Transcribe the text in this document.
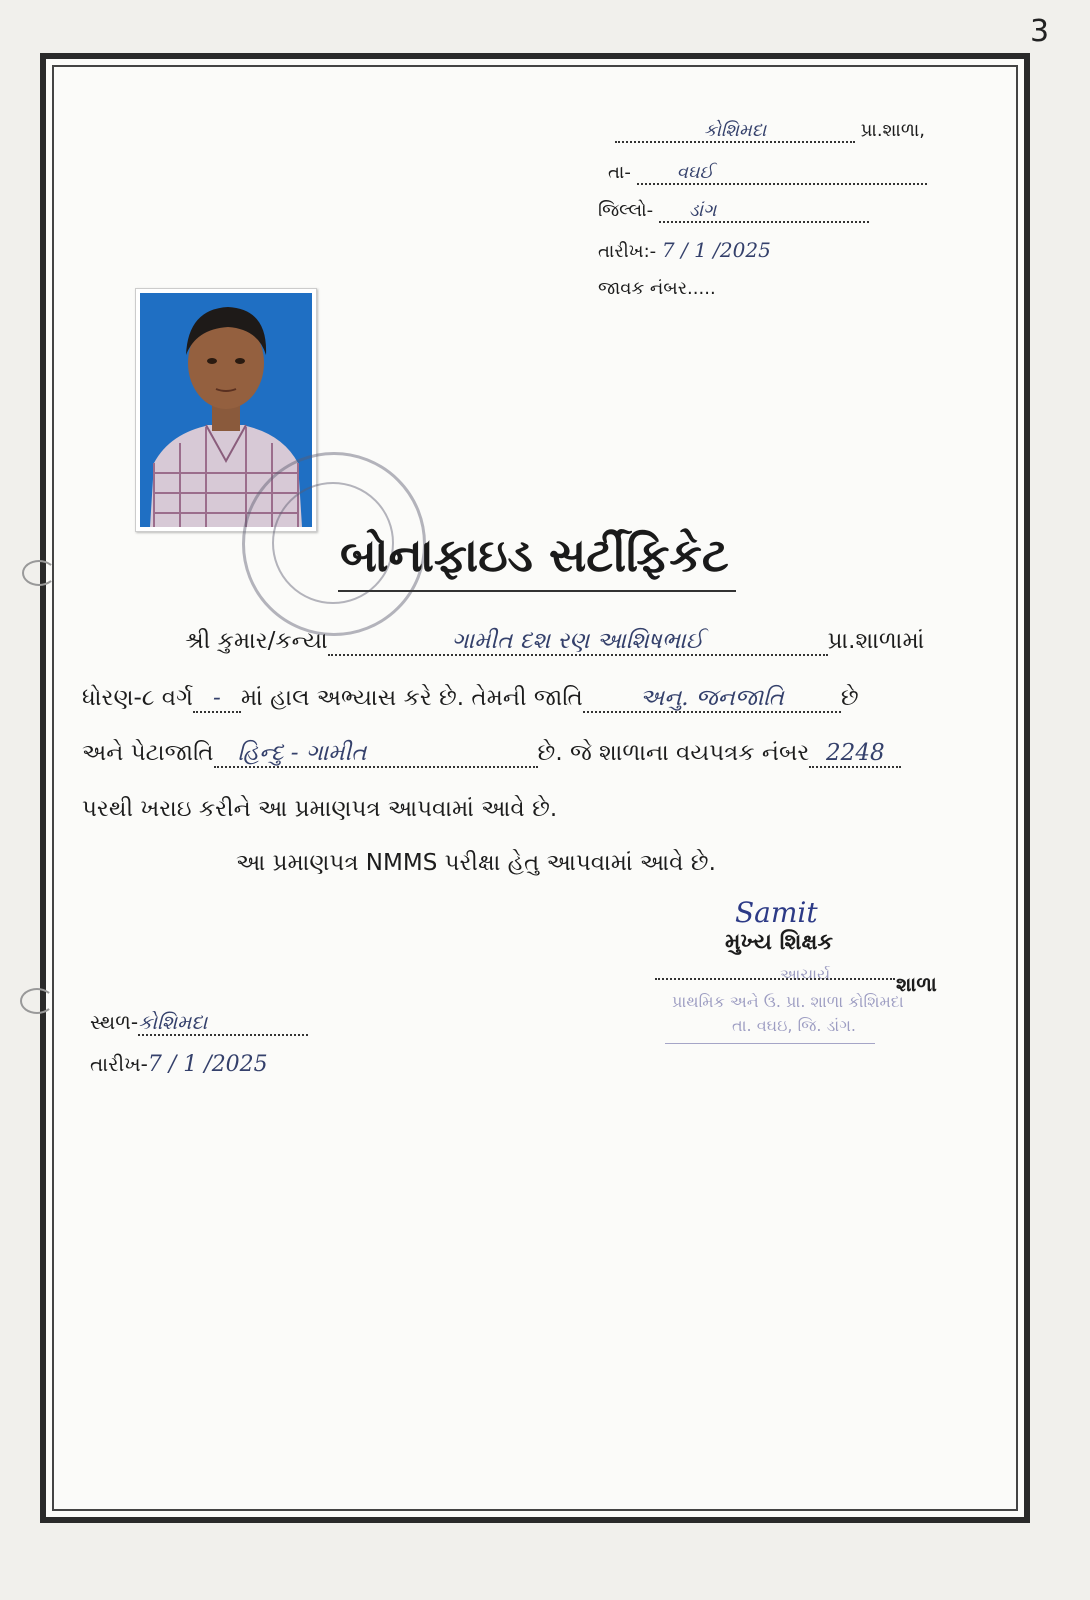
3
કોશિમદા	પ્રા.શાળા,
તા-	વઘઈ
જિલ્લો- ડાંગ
તારીખ:- 7 / 1 /2025
જાવક નંબર.....
બોનાફાઇડ સર્ટીફિકેટ
શ્રી કુમાર/કન્યા	ગામીત દશ રણ આશિષભાઈ	પ્રા.શાળામાં
ધોરણ-૮ વર્ગ - માં હાલ અભ્યાસ કરે છે. તેમની જાતિ અનુ. જનજાતિ છે
અને પેટાજાતિ હિન્દુ - ગામીત	છે. જે શાળાના વયપત્રક નંબર 2248
પરથી ખરાઇ કરીને આ પ્રમાણપત્ર આપવામાં આવે છે.
આ પ્રમાણપત્ર NMMS પરીક્ષા હેતુ આપવામાં આવે છે.
Samit
મુખ્ય શિક્ષક
આચાર્ય	શાળા
પ્રાથમિક અને ઉ. પ્રા. શાળા કોશિમદા
તા. વઘઇ, જિ. ડાંગ.
સ્થળ-કોશિમદા
તારીખ-7 / 1 /2025
